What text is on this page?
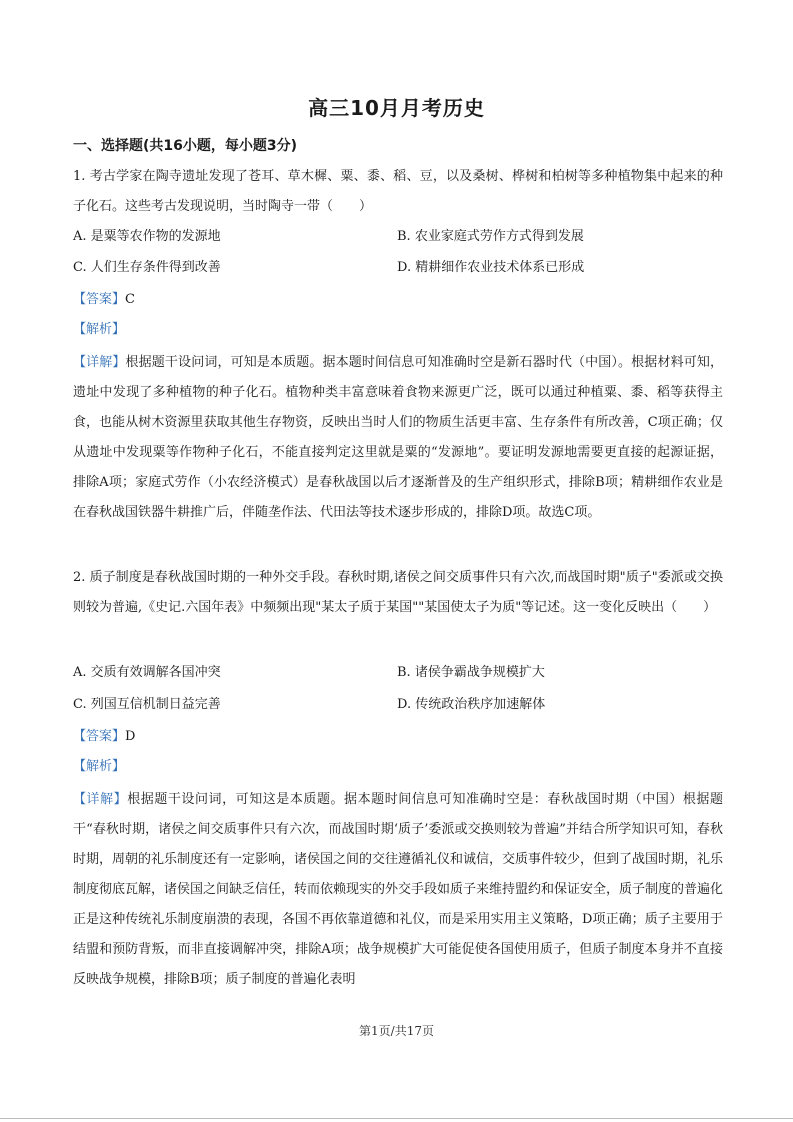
高三10月月考历史
一、选择题(共16小题，每小题3分)
1. 考古学家在陶寺遗址发现了苍耳、草木樨、粟、黍、稻、豆，以及桑树、桦树和柏树等多种植物集中起来的种子化石。这些考古发现说明，当时陶寺一带（　　）
A. 是粟等农作物的发源地	B. 农业家庭式劳作方式得到发展
C. 人们生存条件得到改善	D. 精耕细作农业技术体系已形成
【答案】C
【解析】
【详解】根据题干设问词，可知是本质题。据本题时间信息可知准确时空是新石器时代（中国）。根据材料可知，遗址中发现了多种植物的种子化石。植物种类丰富意味着食物来源更广泛，既可以通过种植粟、黍、稻等获得主食，也能从树木资源里获取其他生存物资，反映出当时人们的物质生活更丰富、生存条件有所改善，C项正确；仅从遗址中发现粟等作物种子化石，不能直接判定这里就是粟的“发源地”。要证明发源地需要更直接的起源证据，排除A项；家庭式劳作（小农经济模式）是春秋战国以后才逐渐普及的生产组织形式，排除B项；精耕细作农业是在春秋战国铁器牛耕推广后，伴随垄作法、代田法等技术逐步形成的，排除D项。故选C项。
2. 质子制度是春秋战国时期的一种外交手段。春秋时期,诸侯之间交质事件只有六次,而战国时期"质子"委派或交换则较为普遍,《史记.六国年表》中频频出现"某太子质于某国""某国使太子为质"等记述。这一变化反映出（　　）
A. 交质有效调解各国冲突	B. 诸侯争霸战争规模扩大
C. 列国互信机制日益完善	D. 传统政治秩序加速解体
【答案】D
【解析】
【详解】根据题干设问词，可知这是本质题。据本题时间信息可知准确时空是：春秋战国时期（中国）根据题干“春秋时期，诸侯之间交质事件只有六次，而战国时期‘质子’委派或交换则较为普遍”并结合所学知识可知，春秋时期，周朝的礼乐制度还有一定影响，诸侯国之间的交往遵循礼仪和诚信，交质事件较少，但到了战国时期，礼乐制度彻底瓦解，诸侯国之间缺乏信任，转而依赖现实的外交手段如质子来维持盟约和保证安全，质子制度的普遍化正是这种传统礼乐制度崩溃的表现，各国不再依靠道德和礼仪，而是采用实用主义策略，D项正确；质子主要用于结盟和预防背叛，而非直接调解冲突，排除A项；战争规模扩大可能促使各国使用质子，但质子制度本身并不直接反映战争规模，排除B项；质子制度的普遍化表明
第1页/共17页
